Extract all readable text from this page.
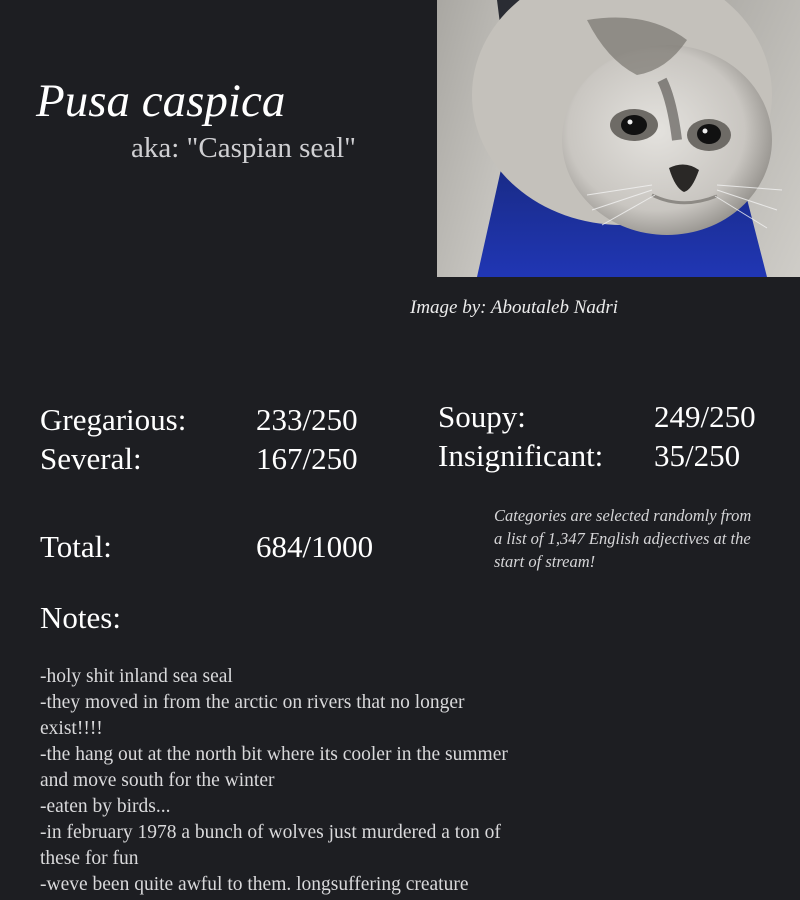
Pusa caspica
aka: "Caspian seal"
Image by: Aboutaleb Nadri
Gregarious: 233/250
Several:	167/250
Soupy:	249/250
Insignificant: 35/250
Total:	684/1000
Categories are selected randomly from a list of 1,347 English adjectives at the start of stream!
Notes:
-holy shit inland sea seal
-they moved in from the arctic on rivers that no longer exist!!!!
-the hang out at the north bit where its cooler in the summer and move south for the winter
-eaten by birds...
-in february 1978 a bunch of wolves just murdered a ton of these for fun
-weve been quite awful to them. longsuffering creature
